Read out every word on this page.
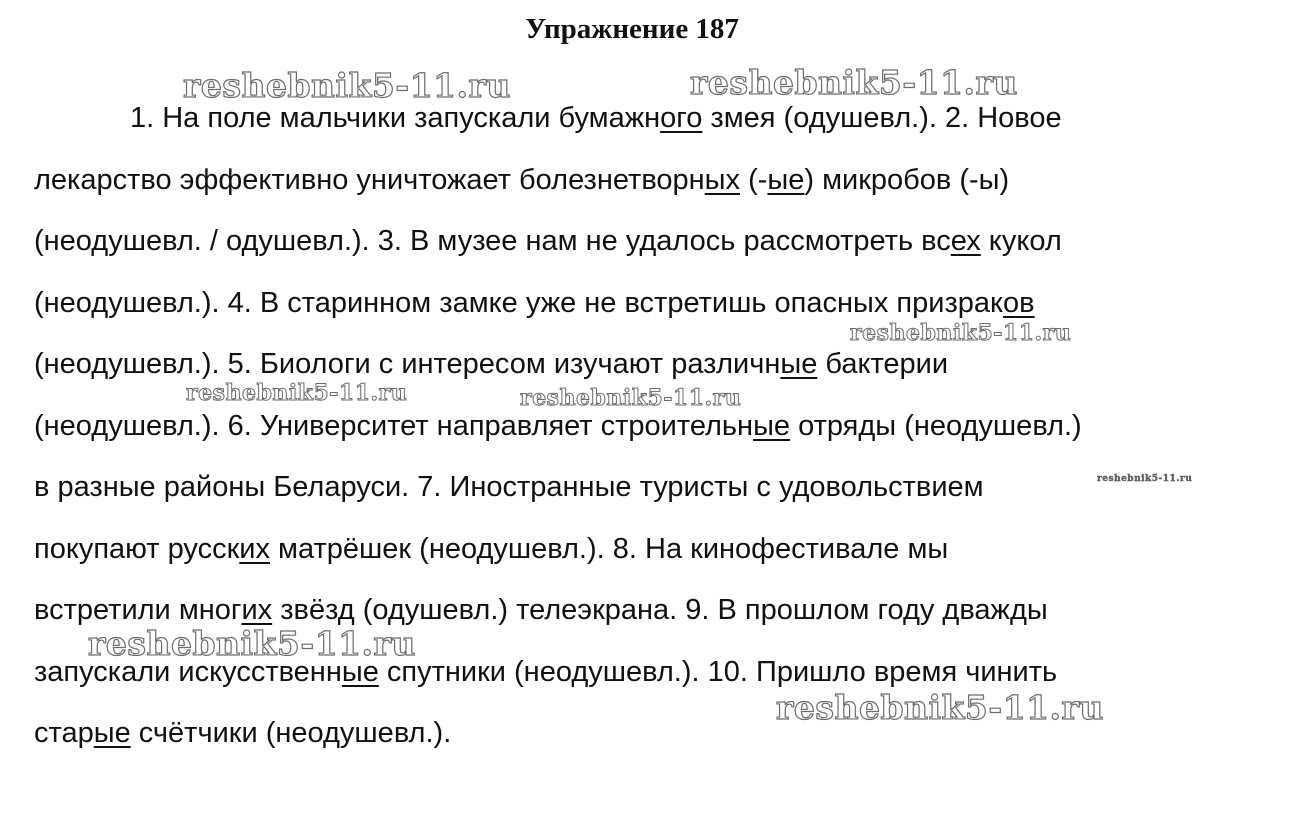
Упражнение 187
1. На поле мальчики запускали бумажного змея (одушевл.). 2. Новое
лекарство эффективно уничтожает болезнетворных (-ые) микробов (-ы)
(неодушевл. / одушевл.). 3. В музее нам не удалось рассмотреть всех кукол
(неодушевл.). 4. В старинном замке уже не встретишь опасных призраков
(неодушевл.). 5. Биологи с интересом изучают различные бактерии
(неодушевл.). 6. Университет направляет строительные отряды (неодушевл.)
в разные районы Беларуси. 7. Иностранные туристы с удовольствием
покупают русских матрёшек (неодушевл.). 8. На кинофестивале мы
встретили многих звёзд (одушевл.) телеэкрана. 9. В прошлом году дважды
запускали искусственные спутники (неодушевл.). 10. Пришло время чинить
старые счётчики (неодушевл.).
reshebnik5-11.ru	reshebnik5-11.ru
reshebnik5-11.ru
reshebnik5-11.ru	reshebnik5-11.ru
reshebnik5-11.ru
reshebnik5-11.ru
reshebnik5-11.ru
